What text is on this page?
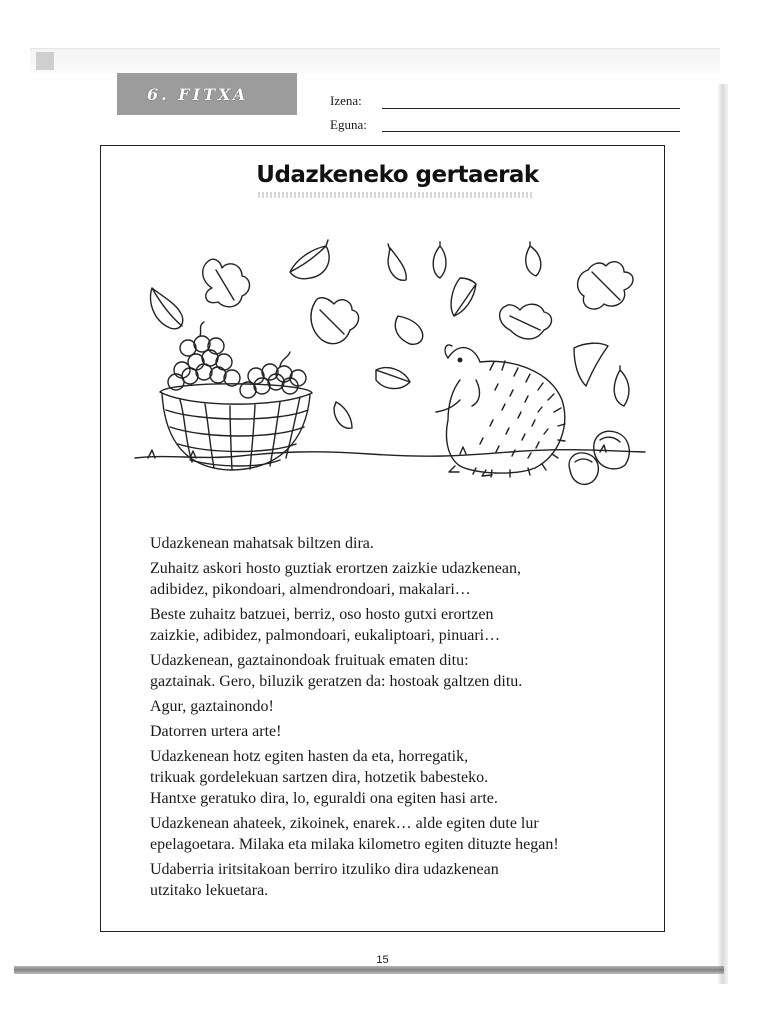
6. FITXA	Izena:
Eguna:
Udazkeneko gertaerak

Udazkenean mahatsak biltzen dira.

Zuhaitz askori hosto guztiak erortzen zaizkie udazkenean,
adibidez, pikondoari, almendrondoari, makalari…

Beste zuhaitz batzuei, berriz, oso hosto gutxi erortzen
zaizkie, adibidez, palmondoari, eukaliptoari, pinuari…

Udazkenean, gaztainondoak fruituak ematen ditu:
gaztainak. Gero, biluzik geratzen da: hostoak galtzen ditu.

Agur, gaztainondo!

Datorren urtera arte!

Udazkenean hotz egiten hasten da eta, horregatik,
trikuak gordelekuan sartzen dira, hotzetik babesteko.
Hantxe geratuko dira, lo, eguraldi ona egiten hasi arte.

Udazkenean ahateek, zikoinek, enarek… alde egiten dute lur
epelagoetara. Milaka eta milaka kilometro egiten dituzte hegan!

Udaberria iritsitakoan berriro itzuliko dira udazkenean
utzitako lekuetara.

15
